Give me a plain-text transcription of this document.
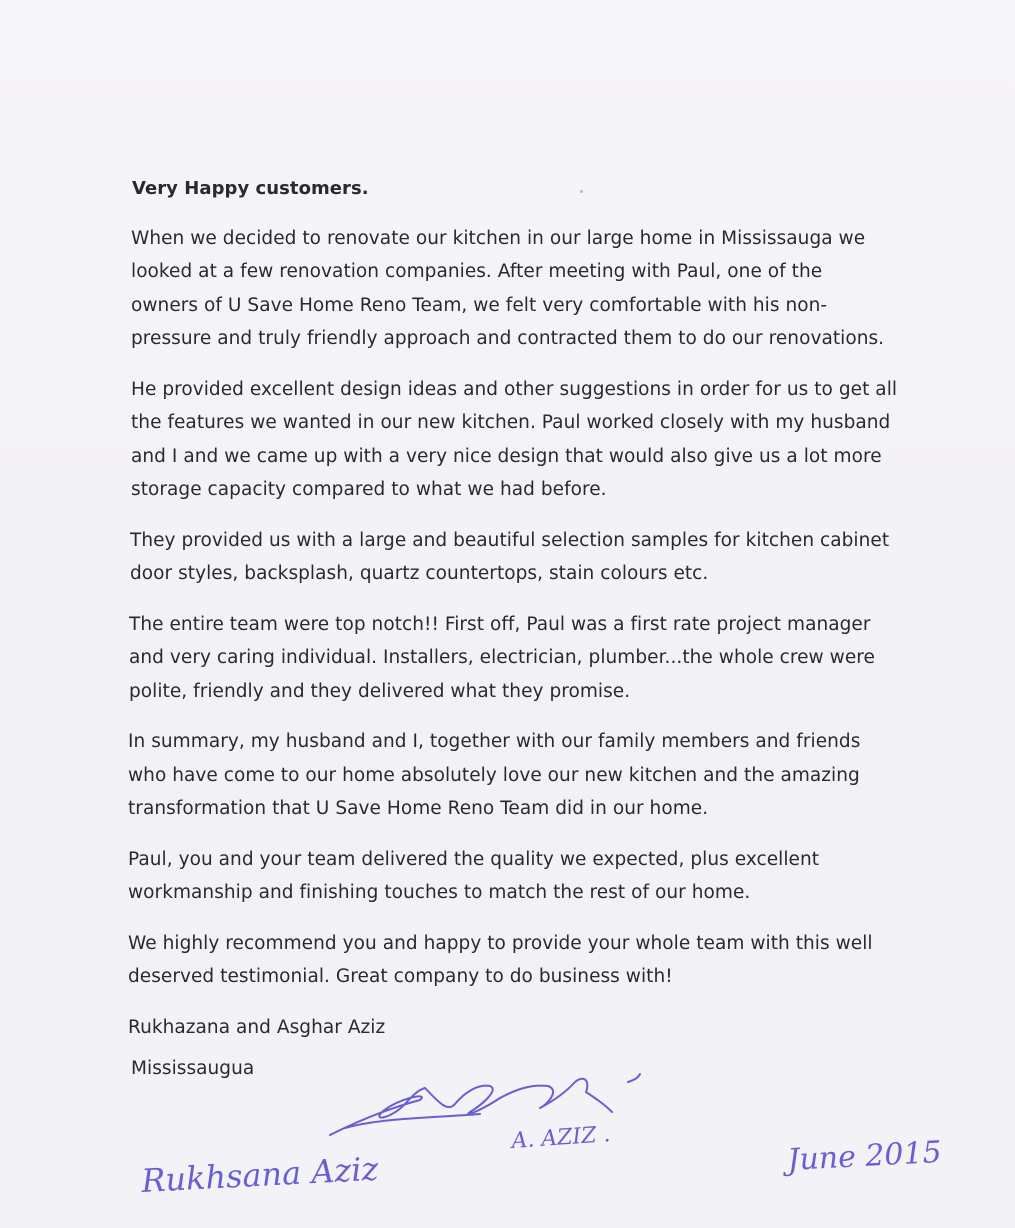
Very Happy customers.
When we decided to renovate our kitchen in our large home in Mississauga we
looked at a few renovation companies. After meeting with Paul, one of the
owners of U Save Home Reno Team, we felt very comfortable with his non-
pressure and truly friendly approach and contracted them to do our renovations.
He provided excellent design ideas and other suggestions in order for us to get all
the features we wanted in our new kitchen. Paul worked closely with my husband
and I and we came up with a very nice design that would also give us a lot more
storage capacity compared to what we had before.
They provided us with a large and beautiful selection samples for kitchen cabinet
door styles, backsplash, quartz countertops, stain colours etc.
The entire team were top notch!! First off, Paul was a first rate project manager
and very caring individual. Installers, electrician, plumber...the whole crew were
polite, friendly and they delivered what they promise.
In summary, my husband and I, together with our family members and friends
who have come to our home absolutely love our new kitchen and the amazing
transformation that U Save Home Reno Team did in our home.
Paul, you and your team delivered the quality we expected, plus excellent
workmanship and finishing touches to match the rest of our home.
We highly recommend you and happy to provide your whole team with this well
deserved testimonial. Great company to do business with!
Rukhazana and Asghar Aziz
Mississaugua
A. AZIZ .
Rukhsana Aziz	June 2015
